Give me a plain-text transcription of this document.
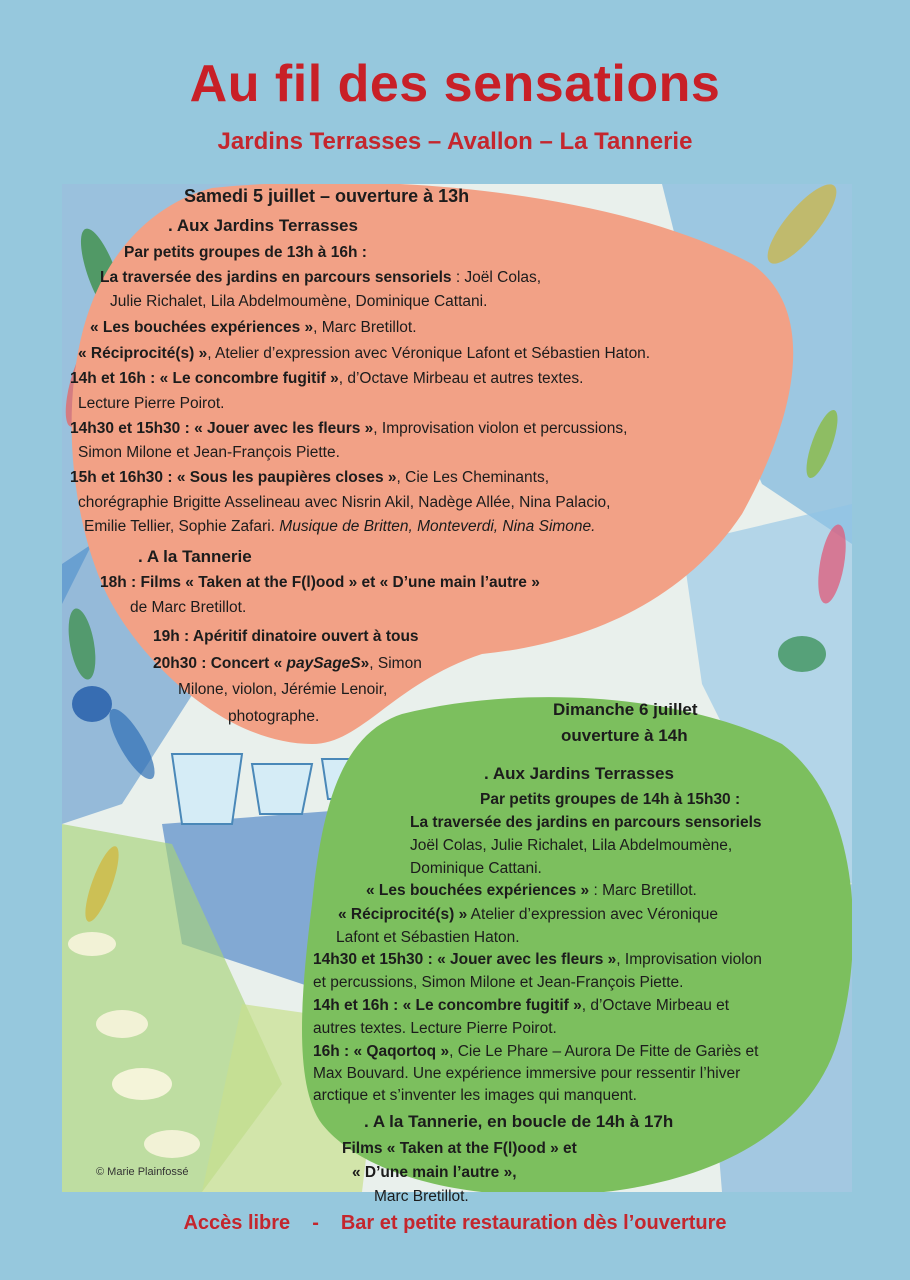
Au fil des sensations
Jardins Terrasses – Avallon – La Tannerie
Samedi 5 juillet – ouverture à 13h
. Aux Jardins Terrasses
Par petits groupes de 13h à 16h :
La traversée des jardins en parcours sensoriels : Joël Colas,
Julie Richalet, Lila Abdelmoumène, Dominique Cattani.
« Les bouchées expériences », Marc Bretillot.
« Réciprocité(s) », Atelier d’expression avec Véronique Lafont et Sébastien Haton.
14h et 16h : « Le concombre fugitif », d’Octave Mirbeau et autres textes.
Lecture Pierre Poirot.
14h30 et 15h30 : « Jouer avec les fleurs », Improvisation violon et percussions,
Simon Milone et Jean-François Piette.
15h et 16h30 : « Sous les paupières closes », Cie Les Cheminants,
chorégraphie Brigitte Asselineau avec Nisrin Akil, Nadège Allée, Nina Palacio,
Emilie Tellier, Sophie Zafari. Musique de Britten, Monteverdi, Nina Simone.
. A la Tannerie
18h : Films « Taken at the F(l)ood » et « D’une main l’autre »
de Marc Bretillot.
19h : Apéritif dinatoire ouvert à tous
20h30 : Concert « paySageS», Simon
Milone, violon, Jérémie Lenoir,
photographe.	Dimanche 6 juillet
ouverture à 14h
. Aux Jardins Terrasses
Par petits groupes de 14h à 15h30 :
La traversée des jardins en parcours sensoriels
Joël Colas, Julie Richalet, Lila Abdelmoumène,
Dominique Cattani.
« Les bouchées expériences » : Marc Bretillot.
« Réciprocité(s) » Atelier d’expression avec Véronique
Lafont et Sébastien Haton.
14h30 et 15h30 : « Jouer avec les fleurs », Improvisation violon
et percussions, Simon Milone et Jean-François Piette.
14h et 16h : « Le concombre fugitif », d’Octave Mirbeau et
autres textes. Lecture Pierre Poirot.
16h : « Qaqortoq », Cie Le Phare – Aurora De Fitte de Gariès et
Max Bouvard. Une expérience immersive pour ressentir l’hiver
arctique et s’inventer les images qui manquent.
. A la Tannerie, en boucle de 14h à 17h
Films « Taken at the F(l)ood » et
« D’une main l’autre »,
Marc Bretillot.
© Marie Plainfossé
Accès libre - Bar et petite restauration dès l’ouverture
